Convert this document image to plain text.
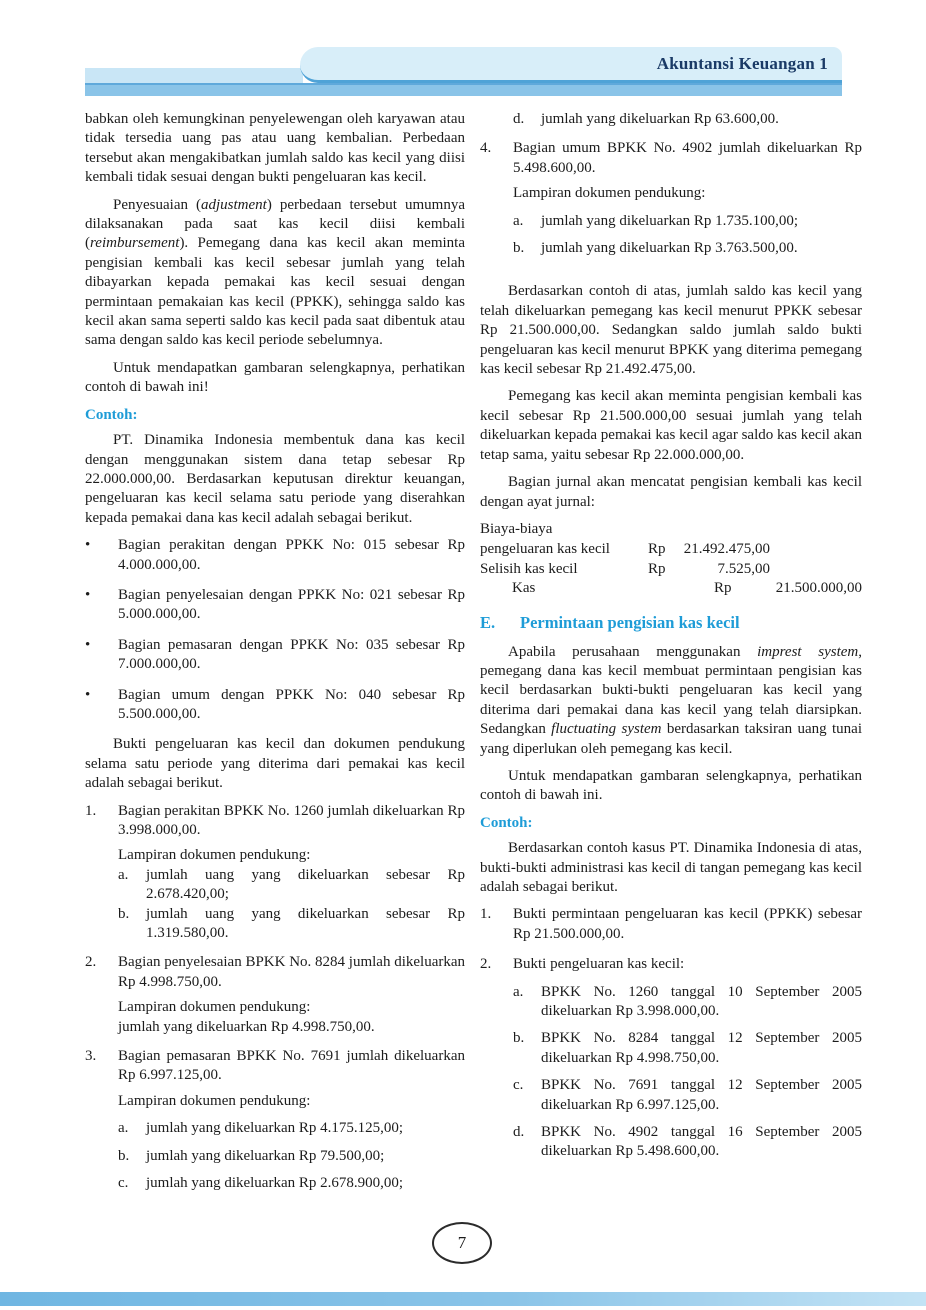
Akuntansi Keuangan 1

babkan oleh kemungkinan penyelewengan oleh karyawan atau tidak tersedia uang pas atau uang kembalian. Perbedaan tersebut akan mengakibatkan jumlah saldo kas kecil yang diisi kembali tidak sesuai dengan bukti pengeluaran kas kecil.

Penyesuaian (adjustment) perbedaan tersebut umumnya dilaksanakan pada saat kas kecil diisi kembali (reimbursement). Pemegang dana kas kecil akan meminta pengisian kembali kas kecil sebesar jumlah yang telah dibayarkan kepada pemakai kas kecil sesuai dengan permintaan pemakaian kas kecil (PPKK), sehingga saldo kas kecil akan sama seperti saldo kas kecil pada saat dibentuk atau sama dengan saldo kas kecil periode sebelumnya.

Untuk mendapatkan gambaran selengkapnya, perhatikan contoh di bawah ini!

Contoh:

PT. Dinamika Indonesia membentuk dana kas kecil dengan menggunakan sistem dana tetap sebesar Rp 22.000.000,00. Berdasarkan keputusan direktur keuangan, pengeluaran kas kecil selama satu periode yang diserahkan kepada pemakai dana kas kecil adalah sebagai berikut.

•	Bagian perakitan dengan PPKK No: 015 sebesar Rp 4.000.000,00.
•	Bagian penyelesaian dengan PPKK No: 021 sebesar Rp 5.000.000,00.
•	Bagian pemasaran dengan PPKK No: 035 sebesar Rp 7.000.000,00.
•	Bagian umum dengan PPKK No: 040 sebesar Rp 5.500.000,00.

Bukti pengeluaran kas kecil dan dokumen pendukung selama satu periode yang diterima dari pemakai kas kecil adalah sebagai berikut.

1.	Bagian perakitan BPKK No. 1260 jumlah dikeluarkan Rp 3.998.000,00.

Lampiran dokumen pendukung:

a.	jumlah uang yang dikeluarkan sebesar Rp 2.678.420,00;
b.	jumlah uang yang dikeluarkan sebesar Rp 1.319.580,00.
2.	Bagian penyelesaian BPKK No. 8284 jumlah dikeluarkan Rp 4.998.750,00.

Lampiran dokumen pendukung:

jumlah yang dikeluarkan Rp 4.998.750,00.

3.	Bagian pemasaran BPKK No. 7691 jumlah dikeluarkan Rp 6.997.125,00.

Lampiran dokumen pendukung:

a.	jumlah yang dikeluarkan Rp 4.175.125,00;
b.	jumlah yang dikeluarkan Rp 79.500,00;
c.	jumlah yang dikeluarkan Rp 2.678.900,00;
d.	jumlah yang dikeluarkan Rp 63.600,00.
4.	Bagian umum BPKK No. 4902 jumlah dikeluarkan Rp 5.498.600,00.

Lampiran dokumen pendukung:

a.	jumlah yang dikeluarkan Rp 1.735.100,00;
b.	jumlah yang dikeluarkan Rp 3.763.500,00.

Berdasarkan contoh di atas, jumlah saldo kas kecil yang telah dikeluarkan pemegang kas kecil menurut PPKK sebesar Rp 21.500.000,00. Sedangkan saldo jumlah saldo bukti pengeluaran kas kecil menurut BPKK yang diterima pemegang kas kecil sebesar Rp 21.492.475,00.

Pemegang kas kecil akan meminta pengisian kembali kas kecil sebesar Rp 21.500.000,00 sesuai jumlah yang telah dikeluarkan kepada pemakai kas kecil agar saldo kas kecil akan tetap sama, yaitu sebesar Rp 22.000.000,00.

Bagian jurnal akan mencatat pengisian kembali kas kecil dengan ayat jurnal:

Biaya-biaya
pengeluaran kas kecil	Rp	21.492.475,00
Selisih kas kecil	Rp	7.525,00
Kas	Rp	21.500.000,00
E.	Permintaan pengisian kas kecil

Apabila perusahaan menggunakan imprest system, pemegang dana kas kecil membuat permintaan pengisian kas kecil berdasarkan bukti-bukti pengeluaran kas kecil yang diterima dari pemakai dana kas kecil yang telah diarsipkan. Sedangkan fluctuating system berdasarkan taksiran uang tunai yang diperlukan oleh pemegang kas kecil.

Untuk mendapatkan gambaran selengkapnya, perhatikan contoh di bawah ini.

Contoh:

Berdasarkan contoh kasus PT. Dinamika Indonesia di atas, bukti-bukti administrasi kas kecil di tangan pemegang kas kecil adalah sebagai berikut.

1.	Bukti permintaan pengeluaran kas kecil (PPKK) sebesar Rp 21.500.000,00.
2.	Bukti pengeluaran kas kecil:
a.	BPKK No. 1260 tanggal 10 September 2005 dikeluarkan Rp 3.998.000,00.
b.	BPKK No. 8284 tanggal 12 September 2005 dikeluarkan Rp 4.998.750,00.
c.	BPKK No. 7691 tanggal 12 September 2005 dikeluarkan Rp 6.997.125,00.
d.	BPKK No. 4902 tanggal 16 September 2005 dikeluarkan Rp 5.498.600,00.
7
